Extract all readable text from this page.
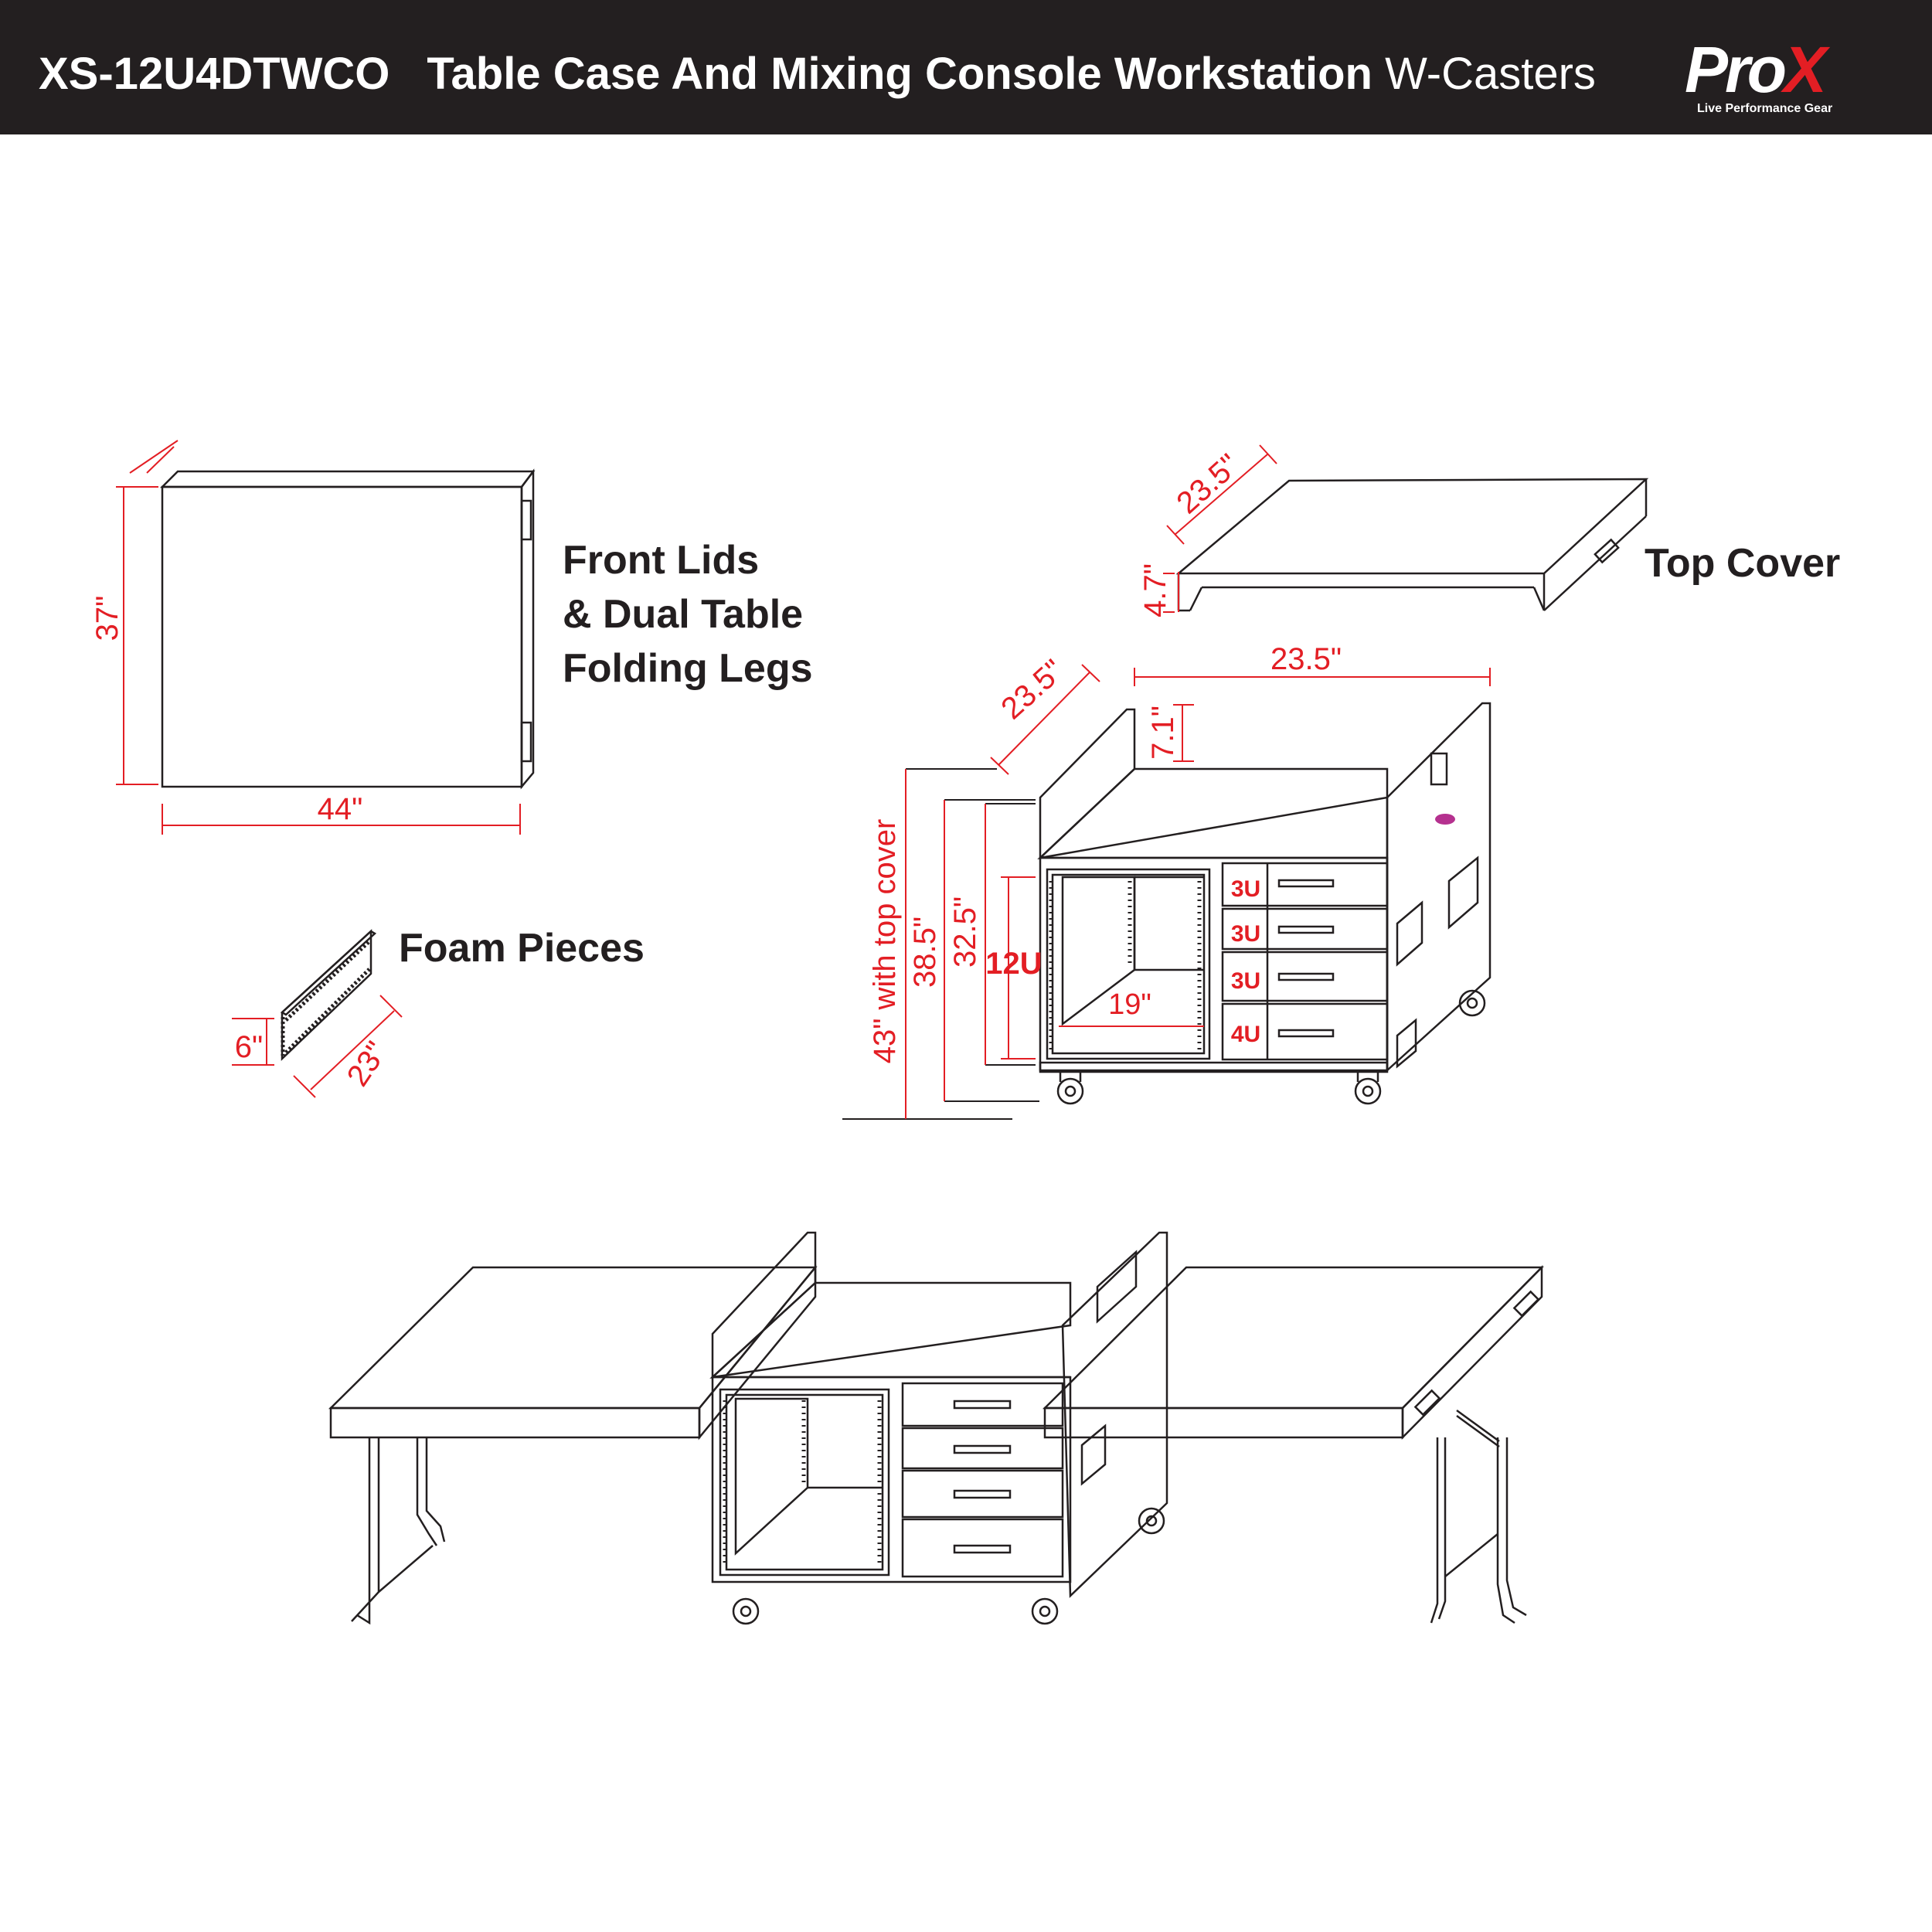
XS-12U4DTWCO Table Case And Mixing Console Workstation W-Casters ProX
Live Performance Gear
37"
44"
Front Lids
& Dual Table
Folding Legs
6"	23"
Foam Pieces
4.7"
23.5"
Top Cover
23.5"	23.5"
7.1"
43" with top cover 38.5" 32.5" 12U
19"
3U
3U
3U
4U
